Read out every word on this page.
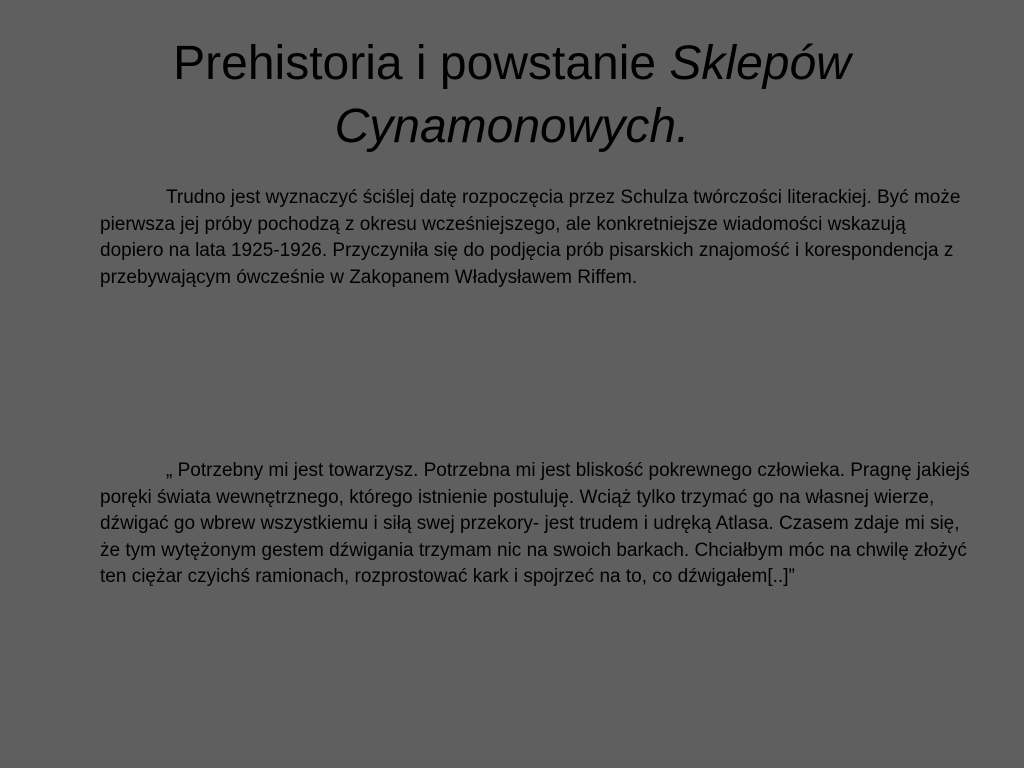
Prehistoria i powstanie Sklepów Cynamonowych.

Trudno jest wyznaczyć ściślej datę rozpoczęcia przez Schulza twórczości literackiej. Być może pierwsza jej próby pochodzą z okresu wcześniejszego, ale konkretniejsze wiadomości wskazują dopiero na lata 1925-1926. Przyczyniła się do podjęcia prób pisarskich znajomość i korespondencja z przebywającym ówcześnie w Zakopanem Władysławem Riffem.

„ Potrzebny mi jest towarzysz. Potrzebna mi jest bliskość pokrewnego człowieka. Pragnę jakiejś poręki świata wewnętrznego, którego istnienie postuluję. Wciąż tylko trzymać go na własnej wierze, dźwigać go wbrew wszystkiemu i siłą swej przekory- jest trudem i udręką Atlasa. Czasem zdaje mi się, że tym wytężonym gestem dźwigania trzymam nic na swoich barkach. Chciałbym móc na chwilę złożyć ten ciężar czyichś ramionach, rozprostować kark i spojrzeć na to, co dźwigałem[..]”
